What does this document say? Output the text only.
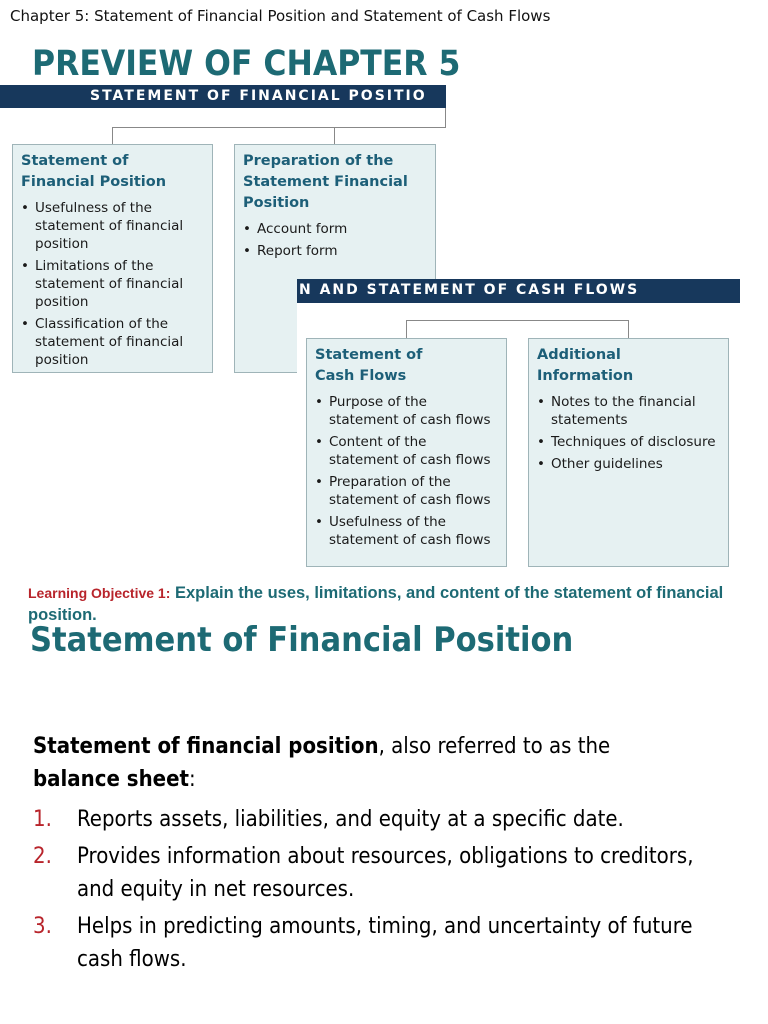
Chapter 5: Statement of Financial Position and Statement of Cash Flows
PREVIEW OF CHAPTER 5
STATEMENT OF FINANCIAL POSITIO
Statement of Financial Position
• Usefulness of the statement of financial position
• Limitations of the statement of financial position
• Classification of the statement of financial position
Preparation of the Statement Financial Position
• Account form
• Report form
N AND STATEMENT OF CASH FLOWS
Statement of Cash Flows
• Purpose of the statement of cash flows
• Content of the statement of cash flows
• Preparation of the statement of cash flows
• Usefulness of the statement of cash flows
Additional Information
• Notes to the financial statements
• Techniques of disclosure
• Other guidelines
Learning Objective 1: Explain the uses, limitations, and content of the statement of financial position.
Statement of Financial Position
Statement of financial position, also referred to as the
balance sheet:
1. Reports assets, liabilities, and equity at a specific date.
2. Provides information about resources, obligations to creditors, and equity in net resources.
3. Helps in predicting amounts, timing, and uncertainty of future cash flows.
